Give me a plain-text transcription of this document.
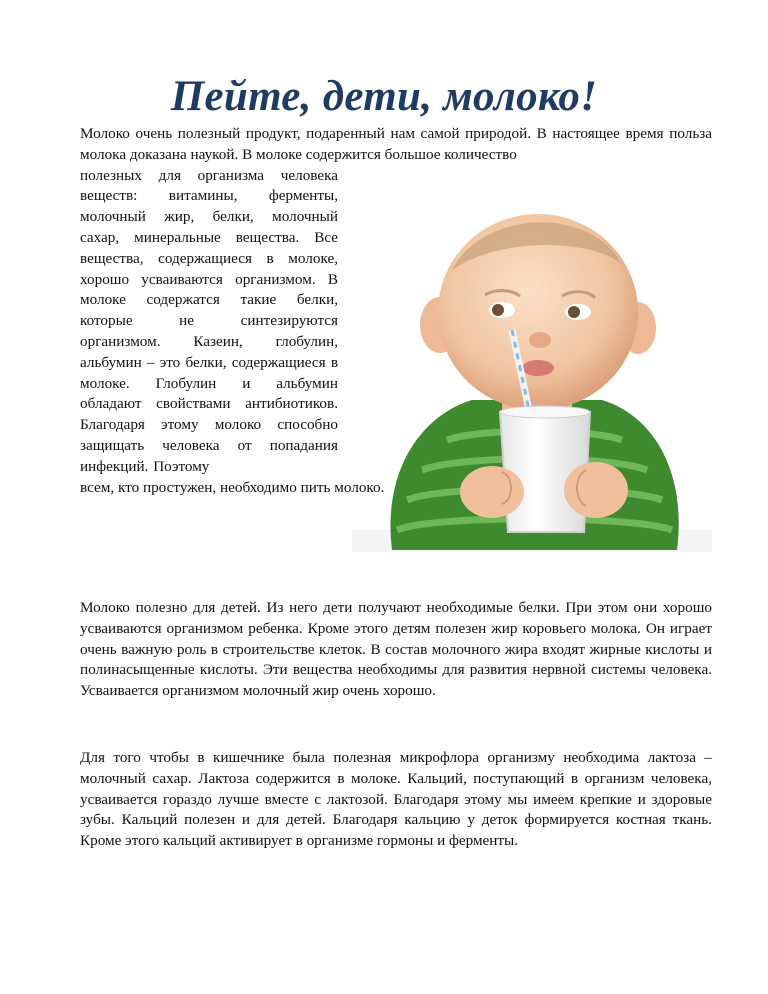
Пейте, дети, молоко!
Молоко очень полезный продукт, подаренный нам самой природой. В настоящее время польза молока доказана наукой. В молоке содержится большое количество
полезных для организма человека веществ: витамины, ферменты, молочный жир, белки, молочный сахар, минеральные вещества. Все вещества, содержащиеся в молоке, хорошо усваиваются организмом. В молоке содержатся такие белки, которые не синтезируются организмом. Казеин, глобулин, альбумин – это белки, содержащиеся в молоке. Глобулин и альбумин обладают свойствами антибиотиков. Благодаря этому молоко способно защищать человека от попадания инфекций. Поэтому
всем, кто простужен, необходимо пить молоко.
Молоко полезно для детей. Из него дети получают необходимые белки. При этом они хорошо усваиваются организмом ребенка. Кроме этого детям полезен жир коровьего молока. Он играет очень важную роль в строительстве клеток. В состав молочного жира входят жирные кислоты и полинасыщенные кислоты. Эти вещества необходимы для развития нервной системы человека. Усваивается организмом молочный жир очень хорошо.
Для того чтобы в кишечнике была полезная микрофлора организму необходима лактоза – молочный сахар. Лактоза содержится в молоке. Кальций, поступающий в организм человека, усваивается гораздо лучше вместе с лактозой. Благодаря этому мы имеем крепкие и здоровые зубы. Кальций полезен и для детей. Благодаря кальцию у деток формируется костная ткань. Кроме этого кальций активирует в организме гормоны и ферменты.
